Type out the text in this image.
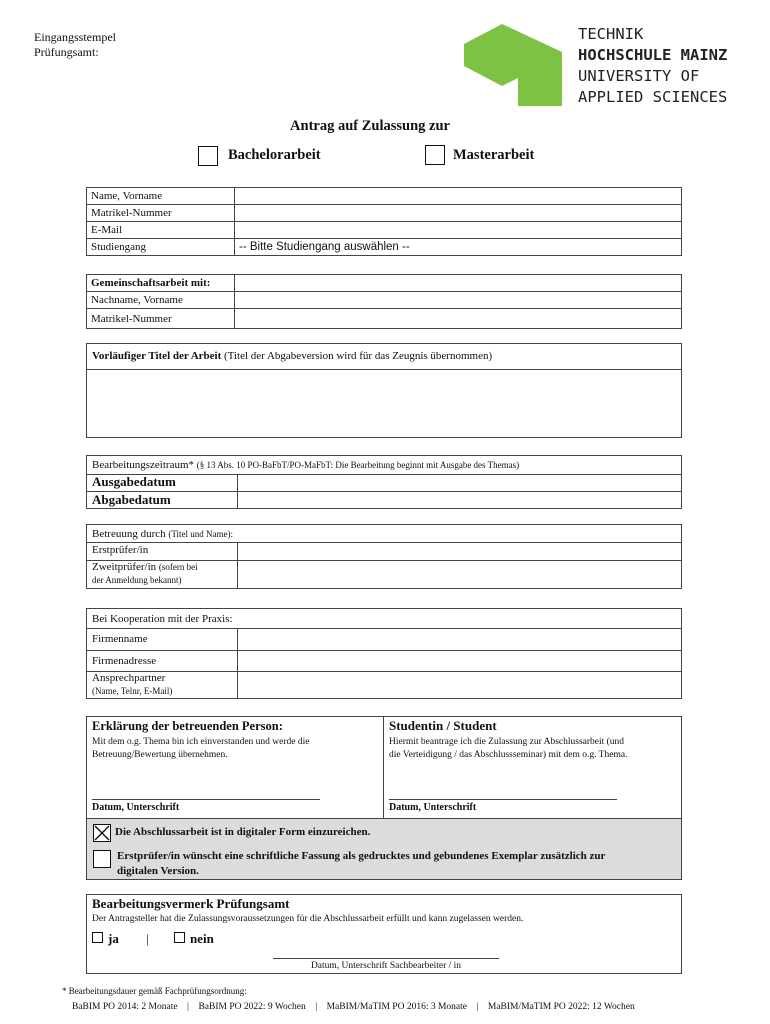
Eingangsstempel
Prüfungsamt:
TECHNIK
HOCHSCHULE MAINZ
UNIVERSITY OF
APPLIED SCIENCES
Antrag auf Zulassung zur
Bachelorarbeit	Masterarbeit
Name, Vorname	
Matrikel-Nummer	
E-Mail	
Studiengang	-- Bitte Studiengang auswählen --
Gemeinschaftsarbeit mit:	
Nachname, Vorname	
Matrikel-Nummer	
Vorläufiger Titel der Arbeit (Titel der Abgabeversion wird für das Zeugnis übernommen)
Bearbeitungszeitraum* (§ 13 Abs. 10 PO-BaFbT/PO-MaFbT: Die Bearbeitung beginnt mit Ausgabe des Themas)
Ausgabedatum
Abgabedatum
Betreuung durch (Titel und Name):
Erstprüfer/in
Zweitprüfer/in (sofern bei
der Anmeldung bekannt)
Bei Kooperation mit der Praxis:
Firmenname
Firmenadresse
Ansprechpartner
(Name, Telnr, E-Mail)
Erklärung der betreuenden Person:
Mit dem o.g. Thema bin ich einverstanden und werde die
Betreuung/Bewertung übernehmen.
Datum, Unterschrift
Studentin / Student
Hiermit beantrage ich die Zulassung zur Abschlussarbeit (und
die Verteidigung / das Abschlussseminar) mit dem o.g. Thema.
Datum, Unterschrift
Die Abschlussarbeit ist in digitaler Form einzureichen.
Erstprüfer/in wünscht eine schriftliche Fassung als gedrucktes und gebundenes Exemplar zusätzlich zur
digitalen Version.
Bearbeitungsvermerk Prüfungsamt
Der Antragsteller hat die Zulassungsvoraussetzungen für die Abschlussarbeit erfüllt und kann zugelassen werden.
ja |	nein
Datum, Unterschrift Sachbearbeiter / in
* Bearbeitungsdauer gemäß Fachprüfungsordnung:
BaBIM PO 2014: 2 Monate    |    BaBIM PO 2022: 9 Wochen    |    MaBIM/MaTIM PO 2016: 3 Monate    |    MaBIM/MaTIM PO 2022: 12 Wochen
